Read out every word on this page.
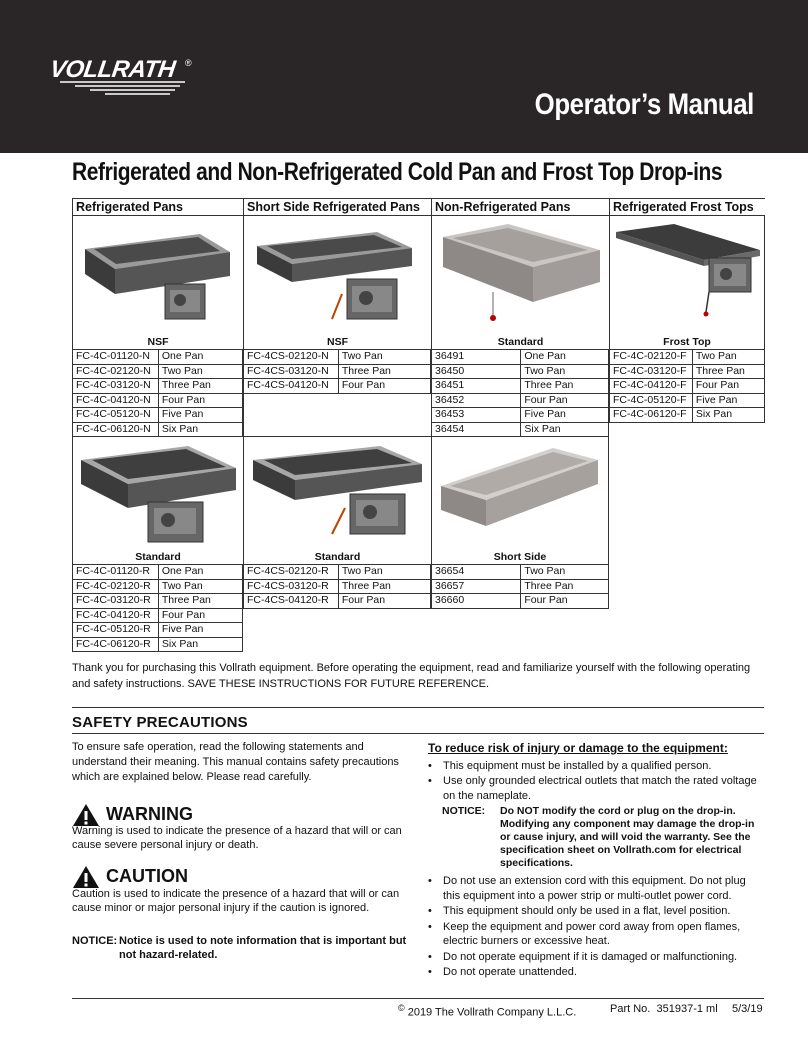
VOLLRATH ®
Operator’s Manual
Refrigerated and Non-Refrigerated Cold Pan and Frost Top Drop-ins
Refrigerated Pans	Short Side Refrigerated Pans	Non-Refrigerated Pans	Refrigerated Frost Tops
NSF	NSF	Standard	Frost Top
FC-4C-01120-N	One Pan
FC-4C-02120-N	Two Pan
FC-4C-03120-N	Three Pan
FC-4C-04120-N	Four Pan
FC-4C-05120-N	Five Pan
FC-4C-06120-N	Six Pan
FC-4CS-02120-N	Two Pan
FC-4CS-03120-N	Three Pan
FC-4CS-04120-N	Four Pan
36491	One Pan
36450	Two Pan
36451	Three Pan
36452	Four Pan
36453	Five Pan
36454	Six Pan
FC-4C-02120-F	Two Pan
FC-4C-03120-F	Three Pan
FC-4C-04120-F	Four Pan
FC-4C-05120-F	Five Pan
FC-4C-06120-F	Six Pan
Standard	Standard	Short Side
FC-4C-01120-R	One Pan
FC-4C-02120-R	Two Pan
FC-4C-03120-R	Three Pan
FC-4C-04120-R	Four Pan
FC-4C-05120-R	Five Pan
FC-4C-06120-R	Six Pan
FC-4CS-02120-R	Two Pan
FC-4CS-03120-R	Three Pan
FC-4CS-04120-R	Four Pan
36654	Two Pan
36657	Three Pan
36660	Four Pan

Thank you for purchasing this Vollrath equipment. Before operating the equipment, read and familiarize yourself with the following operating and safety instructions. SAVE THESE INSTRUCTIONS FOR FUTURE REFERENCE.

SAFETY PRECAUTIONS

To ensure safe operation, read the following statements and understand their meaning. This manual contains safety precautions which are explained below. Please read carefully.

WARNING

Warning is used to indicate the presence of a hazard that will or can cause severe personal injury or death.

CAUTION

Caution is used to indicate the presence of a hazard that will or can cause minor or major personal injury if the caution is ignored.

NOTICE: Notice is used to note information that is important but not hazard-related.
To reduce risk of injury or damage to the equipment:
• This equipment must be installed by a qualified person.
• Use only grounded electrical outlets that match the rated voltage on the nameplate.
NOTICE: Do NOT modify the cord or plug on the drop-in. Modifying any component may damage the drop-in or cause injury, and will void the warranty. See the specification sheet on Vollrath.com for electrical specifications.
• Do not use an extension cord with this equipment. Do not plug this equipment into a power strip or multi-outlet power cord.
• This equipment should only be used in a flat, level position.
• Keep the equipment and power cord away from open flames, electric burners or excessive heat.
• Do not operate equipment if it is damaged or malfunctioning.
• Do not operate unattended.
© 2019 The Vollrath Company L.L.C.	Part No. 351937-1 ml 5/3/19
